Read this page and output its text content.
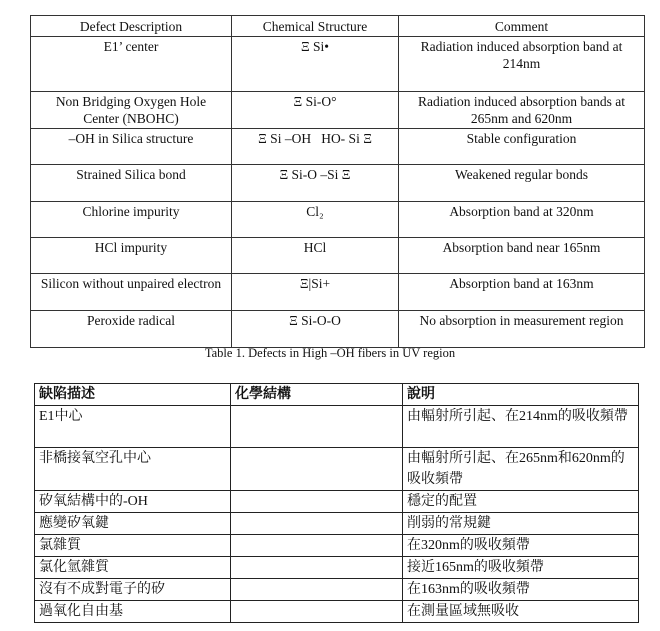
Defect Description	Chemical Structure	Comment
E1’ center	Ξ Si•	Radiation induced absorption band at 214nm
Non Bridging Oxygen Hole Center (NBOHC)	Ξ Si-O°	Radiation induced absorption bands at 265nm and 620nm
–OH in Silica structure	Ξ Si –OH   HO- Si Ξ	Stable configuration
Strained Silica bond	Ξ Si-O –Si Ξ	Weakened regular bonds
Chlorine impurity	Cl₂	Absorption band at 320nm
HCl impurity	HCl	Absorption band near 165nm
Silicon without unpaired electron	Ξ|Si+	Absorption band at 163nm
Peroxide radical	Ξ Si-O-O	No absorption in measurement region
Table 1. Defects in High –OH fibers in UV region
缺陷描述	化學結構	說明
E1中心		由輻射所引起、在214nm的吸收頻帶
非橋接氧空孔中心		由輻射所引起、在265nm和620nm的吸收頻帶
矽氧結構中的-OH		穩定的配置
應變矽氧鍵		削弱的常規鍵
氯雜質		在320nm的吸收頻帶
氯化氫雜質		接近165nm的吸收頻帶
沒有不成對電子的矽		在163nm的吸收頻帶
過氧化自由基		在測量區域無吸收
